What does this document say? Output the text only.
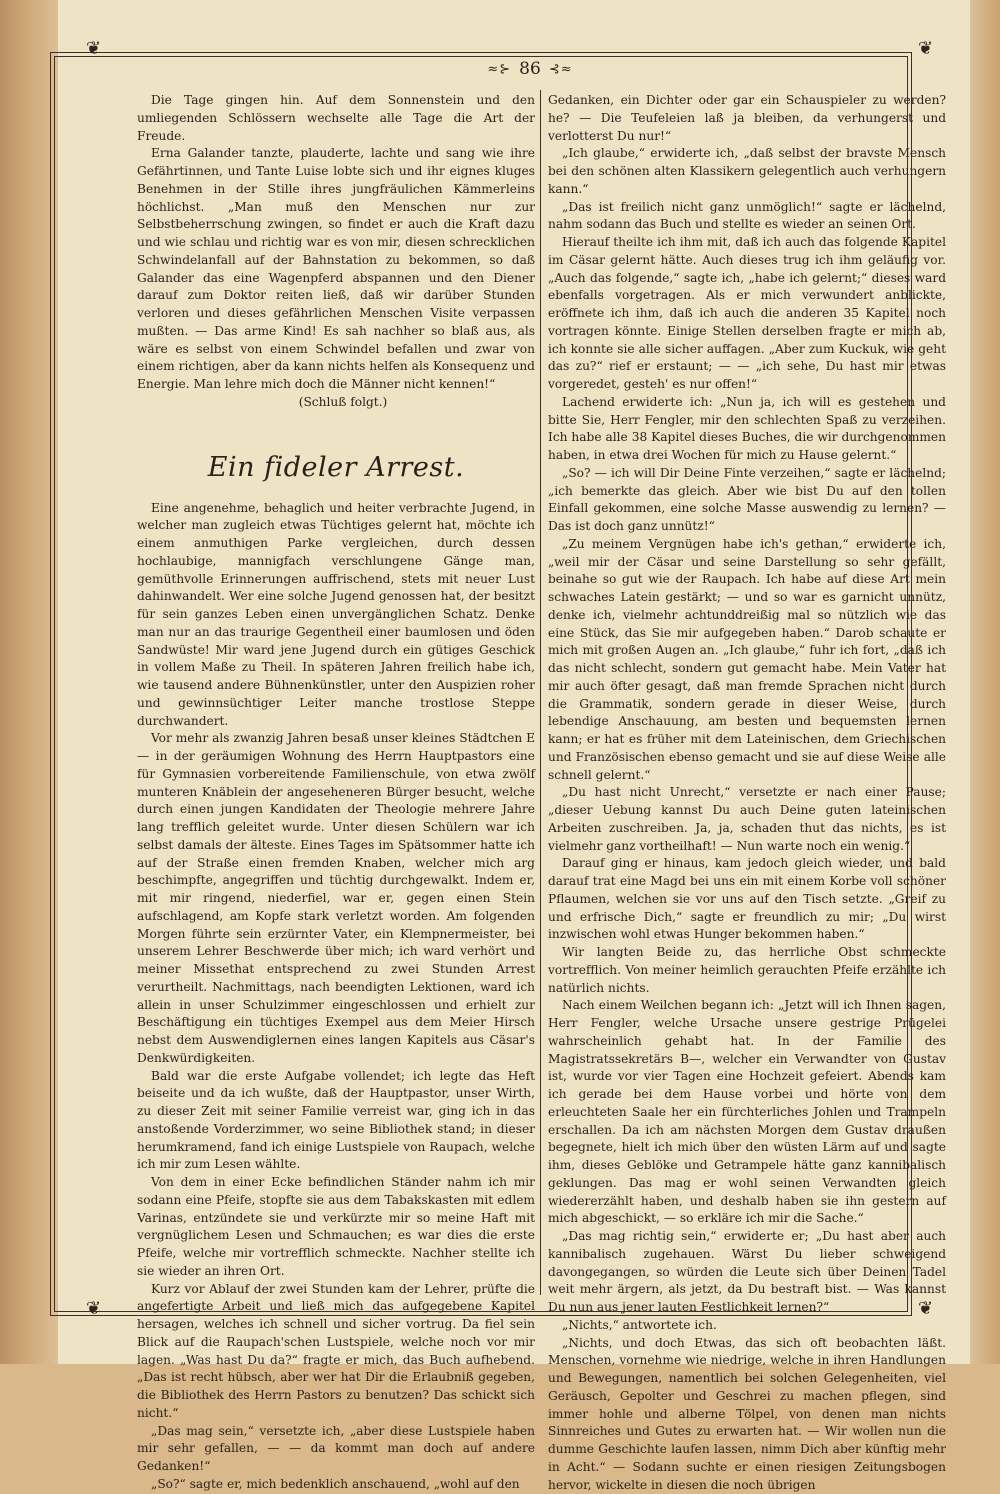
❦	❦
❦	❦
≈⊱ 86 ⊰≈

Die Tage gingen hin. Auf dem Sonnenstein und den umliegenden Schlössern wechselte alle Tage die Art der Freude.

Erna Galander tanzte, plauderte, lachte und sang wie ihre Gefährtinnen, und Tante Luise lobte sich und ihr eignes kluges Benehmen in der Stille ihres jungfräulichen Kämmerleins höchlichst. „Man muß den Menschen nur zur Selbstbeherrschung zwingen, so findet er auch die Kraft dazu und wie schlau und richtig war es von mir, diesen schrecklichen Schwindelanfall auf der Bahnstation zu bekommen, so daß Galander das eine Wagenpferd abspannen und den Diener darauf zum Doktor reiten ließ, daß wir darüber Stunden verloren und dieses gefährlichen Menschen Visite verpassen mußten. — Das arme Kind! Es sah nachher so blaß aus, als wäre es selbst von einem Schwindel befallen und zwar von einem richtigen, aber da kann nichts helfen als Konsequenz und Energie. Man lehre mich doch die Männer nicht kennen!“

(Schluß folgt.)

Ein fideler Arrest.

Eine angenehme, behaglich und heiter verbrachte Jugend, in welcher man zugleich etwas Tüchtiges gelernt hat, möchte ich einem anmuthigen Parke vergleichen, durch dessen hochlaubige, mannigfach verschlungene Gänge man, gemüthvolle Erinnerungen auffrischend, stets mit neuer Lust dahinwandelt. Wer eine solche Jugend genossen hat, der besitzt für sein ganzes Leben einen unvergänglichen Schatz. Denke man nur an das traurige Gegentheil einer baumlosen und öden Sandwüste! Mir ward jene Jugend durch ein gütiges Geschick in vollem Maße zu Theil. In späteren Jahren freilich habe ich, wie tausend andere Bühnenkünstler, unter den Auspizien roher und gewinnsüchtiger Leiter manche trostlose Steppe durchwandert.

Vor mehr als zwanzig Jahren besaß unser kleines Städtchen E— in der geräumigen Wohnung des Herrn Hauptpastors eine für Gymnasien vorbereitende Familienschule, von etwa zwölf munteren Knäblein der angeseheneren Bürger besucht, welche durch einen jungen Kandidaten der Theologie mehrere Jahre lang trefflich geleitet wurde. Unter diesen Schülern war ich selbst damals der älteste. Eines Tages im Spätsommer hatte ich auf der Straße einen fremden Knaben, welcher mich arg beschimpfte, angegriffen und tüchtig durchgewalkt. Indem er, mit mir ringend, niederfiel, war er, gegen einen Stein aufschlagend, am Kopfe stark verletzt worden. Am folgenden Morgen führte sein erzürnter Vater, ein Klempnermeister, bei unserem Lehrer Beschwerde über mich; ich ward verhört und meiner Missethat entsprechend zu zwei Stunden Arrest verurtheilt. Nachmittags, nach beendigten Lektionen, ward ich allein in unser Schulzimmer eingeschlossen und erhielt zur Beschäftigung ein tüchtiges Exempel aus dem Meier Hirsch nebst dem Auswendiglernen eines langen Kapitels aus Cäsar's Denkwürdigkeiten.

Bald war die erste Aufgabe vollendet; ich legte das Heft beiseite und da ich wußte, daß der Hauptpastor, unser Wirth, zu dieser Zeit mit seiner Familie verreist war, ging ich in das anstoßende Vorderzimmer, wo seine Bibliothek stand; in dieser herumkramend, fand ich einige Lustspiele von Raupach, welche ich mir zum Lesen wählte.

Von dem in einer Ecke befindlichen Ständer nahm ich mir sodann eine Pfeife, stopfte sie aus dem Tabakskasten mit edlem Varinas, entzündete sie und verkürzte mir so meine Haft mit vergnüglichem Lesen und Schmauchen; es war dies die erste Pfeife, welche mir vortrefflich schmeckte. Nachher stellte ich sie wieder an ihren Ort.

Kurz vor Ablauf der zwei Stunden kam der Lehrer, prüfte die angefertigte Arbeit und ließ mich das aufgegebene Kapitel hersagen, welches ich schnell und sicher vortrug. Da fiel sein Blick auf die Raupach'schen Lustspiele, welche noch vor mir lagen. „Was hast Du da?“ fragte er mich, das Buch aufhebend. „Das ist recht hübsch, aber wer hat Dir die Erlaubniß gegeben, die Bibliothek des Herrn Pastors zu benutzen? Das schickt sich nicht.“

„Das mag sein,“ versetzte ich, „aber diese Lustspiele haben mir sehr gefallen, — — da kommt man doch auf andere Gedanken!“

„So?“ sagte er, mich bedenklich anschauend, „wohl auf den

Gedanken, ein Dichter oder gar ein Schauspieler zu werden? he? — Die Teufeleien laß ja bleiben, da verhungerst und verlotterst Du nur!“

„Ich glaube,“ erwiderte ich, „daß selbst der bravste Mensch bei den schönen alten Klassikern gelegentlich auch verhungern kann.“

„Das ist freilich nicht ganz unmöglich!“ sagte er lächelnd, nahm sodann das Buch und stellte es wieder an seinen Ort.

Hierauf theilte ich ihm mit, daß ich auch das folgende Kapitel im Cäsar gelernt hätte. Auch dieses trug ich ihm geläufig vor. „Auch das folgende,“ sagte ich, „habe ich gelernt;“ dieses ward ebenfalls vorgetragen. Als er mich verwundert anblickte, eröffnete ich ihm, daß ich auch die anderen 35 Kapitel noch vortragen könnte. Einige Stellen derselben fragte er mich ab, ich konnte sie alle sicher auffagen. „Aber zum Kuckuk, wie geht das zu?“ rief er erstaunt; — — „ich sehe, Du hast mir etwas vorgeredet, gesteh' es nur offen!“

Lachend erwiderte ich: „Nun ja, ich will es gestehen und bitte Sie, Herr Fengler, mir den schlechten Spaß zu verzeihen. Ich habe alle 38 Kapitel dieses Buches, die wir durchgenommen haben, in etwa drei Wochen für mich zu Hause gelernt.“

„So? — ich will Dir Deine Finte verzeihen,“ sagte er lächelnd; „ich bemerkte das gleich. Aber wie bist Du auf den tollen Einfall gekommen, eine solche Masse auswendig zu lernen? — Das ist doch ganz unnütz!“

„Zu meinem Vergnügen habe ich's gethan,“ erwiderte ich, „weil mir der Cäsar und seine Darstellung so sehr gefällt, beinahe so gut wie der Raupach. Ich habe auf diese Art mein schwaches Latein gestärkt; — und so war es garnicht unnütz, denke ich, vielmehr achtunddreißig mal so nützlich wie das eine Stück, das Sie mir aufgegeben haben.“ Darob schaute er mich mit großen Augen an. „Ich glaube,“ fuhr ich fort, „daß ich das nicht schlecht, sondern gut gemacht habe. Mein Vater hat mir auch öfter gesagt, daß man fremde Sprachen nicht durch die Grammatik, sondern gerade in dieser Weise, durch lebendige Anschauung, am besten und bequemsten lernen kann; er hat es früher mit dem Lateinischen, dem Griechischen und Französischen ebenso gemacht und sie auf diese Weise alle schnell gelernt.“

„Du hast nicht Unrecht,“ versetzte er nach einer Pause; „dieser Uebung kannst Du auch Deine guten lateinischen Arbeiten zuschreiben. Ja, ja, schaden thut das nichts, es ist vielmehr ganz vortheilhaft! — Nun warte noch ein wenig.“

Darauf ging er hinaus, kam jedoch gleich wieder, und bald darauf trat eine Magd bei uns ein mit einem Korbe voll schöner Pflaumen, welchen sie vor uns auf den Tisch setzte. „Greif zu und erfrische Dich,“ sagte er freundlich zu mir; „Du wirst inzwischen wohl etwas Hunger bekommen haben.“

Wir langten Beide zu, das herrliche Obst schmeckte vortrefflich. Von meiner heimlich gerauchten Pfeife erzählte ich natürlich nichts.

Nach einem Weilchen begann ich: „Jetzt will ich Ihnen sagen, Herr Fengler, welche Ursache unsere gestrige Prügelei wahrscheinlich gehabt hat. In der Familie des Magistratssekretärs B—, welcher ein Verwandter von Gustav ist, wurde vor vier Tagen eine Hochzeit gefeiert. Abends kam ich gerade bei dem Hause vorbei und hörte von dem erleuchteten Saale her ein fürchterliches Johlen und Trampeln erschallen. Da ich am nächsten Morgen dem Gustav draußen begegnete, hielt ich mich über den wüsten Lärm auf und sagte ihm, dieses Geblöke und Getrampele hätte ganz kannibalisch geklungen. Das mag er wohl seinen Verwandten gleich wiedererzählt haben, und deshalb haben sie ihn gestern auf mich abgeschickt, — so erkläre ich mir die Sache.“

„Das mag richtig sein,“ erwiderte er; „Du hast aber auch kannibalisch zugehauen. Wärst Du lieber schweigend davongegangen, so würden die Leute sich über Deinen Tadel weit mehr ärgern, als jetzt, da Du bestraft bist. — Was kannst Du nun aus jener lauten Festlichkeit lernen?“

„Nichts,“ antwortete ich.

„Nichts, und doch Etwas, das sich oft beobachten läßt. Menschen, vornehme wie niedrige, welche in ihren Handlungen und Bewegungen, namentlich bei solchen Gelegenheiten, viel Geräusch, Gepolter und Geschrei zu machen pflegen, sind immer hohle und alberne Tölpel, von denen man nichts Sinnreiches und Gutes zu erwarten hat. — Wir wollen nun die dumme Geschichte laufen lassen, nimm Dich aber künftig mehr in Acht.“ — Sodann suchte er einen riesigen Zeitungsbogen hervor, wickelte in diesen die noch übrigen
